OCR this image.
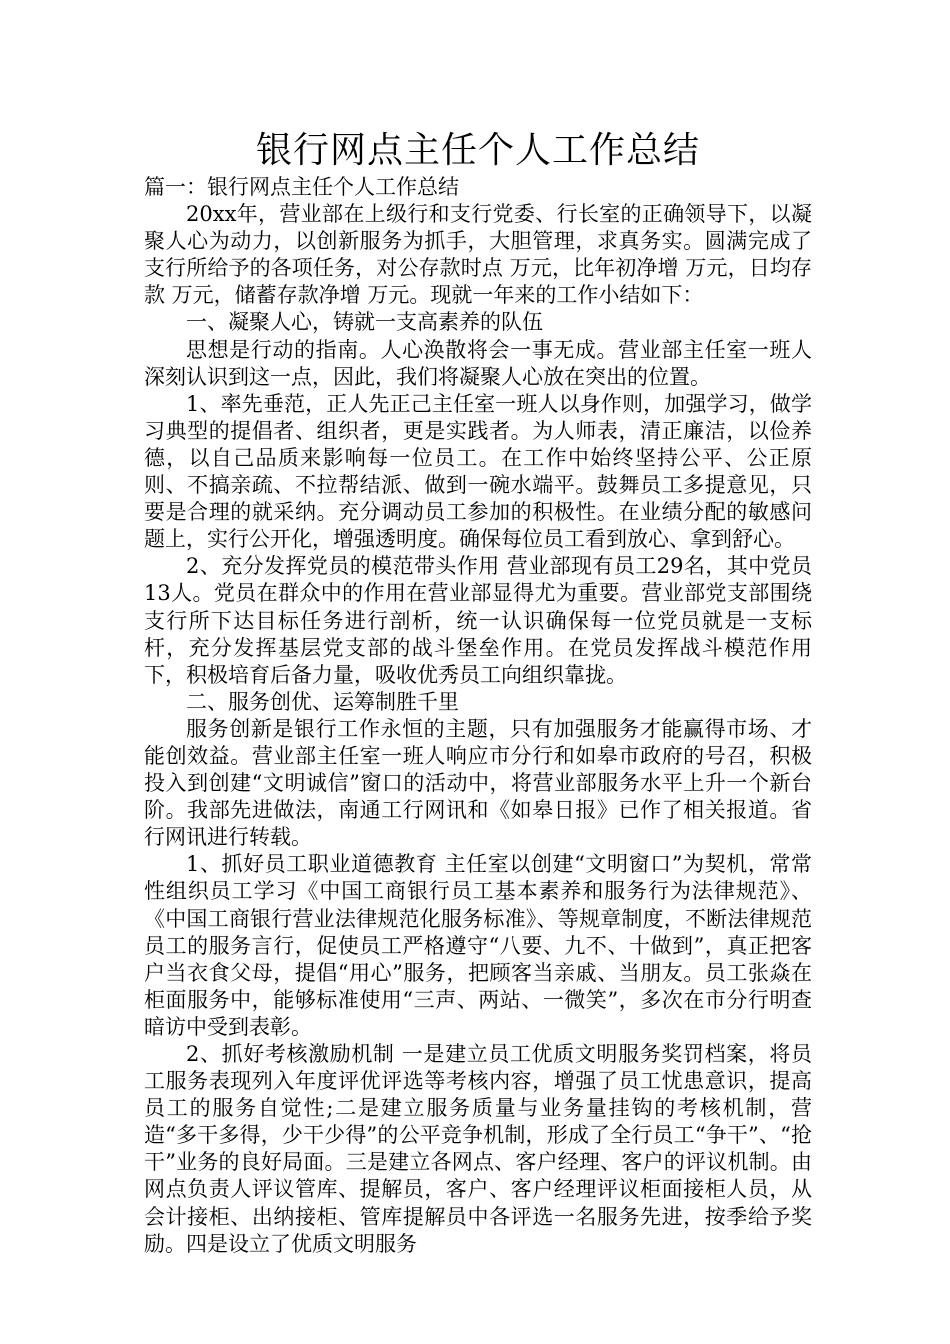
银行网点主任个人工作总结

篇一：银行网点主任个人工作总结

20xx年，营业部在上级行和支行党委、行长室的正确领导下，以凝聚人心为动力，以创新服务为抓手，大胆管理，求真务实。圆满完成了支行所给予的各项任务，对公存款时点 万元，比年初净增 万元，日均存款 万元，储蓄存款净增 万元。现就一年来的工作小结如下：

一、凝聚人心，铸就一支高素养的队伍

思想是行动的指南。人心涣散将会一事无成。营业部主任室一班人深刻认识到这一点，因此，我们将凝聚人心放在突出的位置。

1、率先垂范，正人先正己主任室一班人以身作则，加强学习，做学习典型的提倡者、组织者，更是实践者。为人师表，清正廉洁，以俭养德，以自己品质来影响每一位员工。在工作中始终坚持公平、公正原则、不搞亲疏、不拉帮结派、做到一碗水端平。鼓舞员工多提意见，只要是合理的就采纳。充分调动员工参加的积极性。在业绩分配的敏感问题上，实行公开化，增强透明度。确保每位员工看到放心、拿到舒心。

2、充分发挥党员的模范带头作用 营业部现有员工29名，其中党员13人。党员在群众中的作用在营业部显得尤为重要。营业部党支部围绕支行所下达目标任务进行剖析，统一认识确保每一位党员就是一支标杆，充分发挥基层党支部的战斗堡垒作用。在党员发挥战斗模范作用下，积极培育后备力量，吸收优秀员工向组织靠拢。

二、服务创优、运筹制胜千里

服务创新是银行工作永恒的主题，只有加强服务才能赢得市场、才能创效益。营业部主任室一班人响应市分行和如皋市政府的号召，积极投入到创建“文明诚信”窗口的活动中，将营业部服务水平上升一个新台阶。我部先进做法，南通工行网讯和《如皋日报》已作了相关报道。省行网讯进行转载。

1、抓好员工职业道德教育 主任室以创建“文明窗口”为契机，常常性组织员工学习《中国工商银行员工基本素养和服务行为法律规范》、《中国工商银行营业法律规范化服务标准》、等规章制度，不断法律规范员工的服务言行，促使员工严格遵守“八要、九不、十做到”，真正把客户当衣食父母，提倡“用心”服务，把顾客当亲戚、当朋友。员工张焱在柜面服务中，能够标准使用“三声、两站、一微笑”，多次在市分行明查暗访中受到表彰。

2、抓好考核激励机制 一是建立员工优质文明服务奖罚档案，将员工服务表现列入年度评优评选等考核内容，增强了员工忧患意识，提高员工的服务自觉性;二是建立服务质量与业务量挂钩的考核机制，营造“多干多得，少干少得”的公平竞争机制，形成了全行员工“争干”、“抢干”业务的良好局面。三是建立各网点、客户经理、客户的评议机制。由网点负责人评议管库、提解员，客户、客户经理评议柜面接柜人员，从会计接柜、出纳接柜、管库提解员中各评选一名服务先进，按季给予奖励。四是设立了优质文明服务
